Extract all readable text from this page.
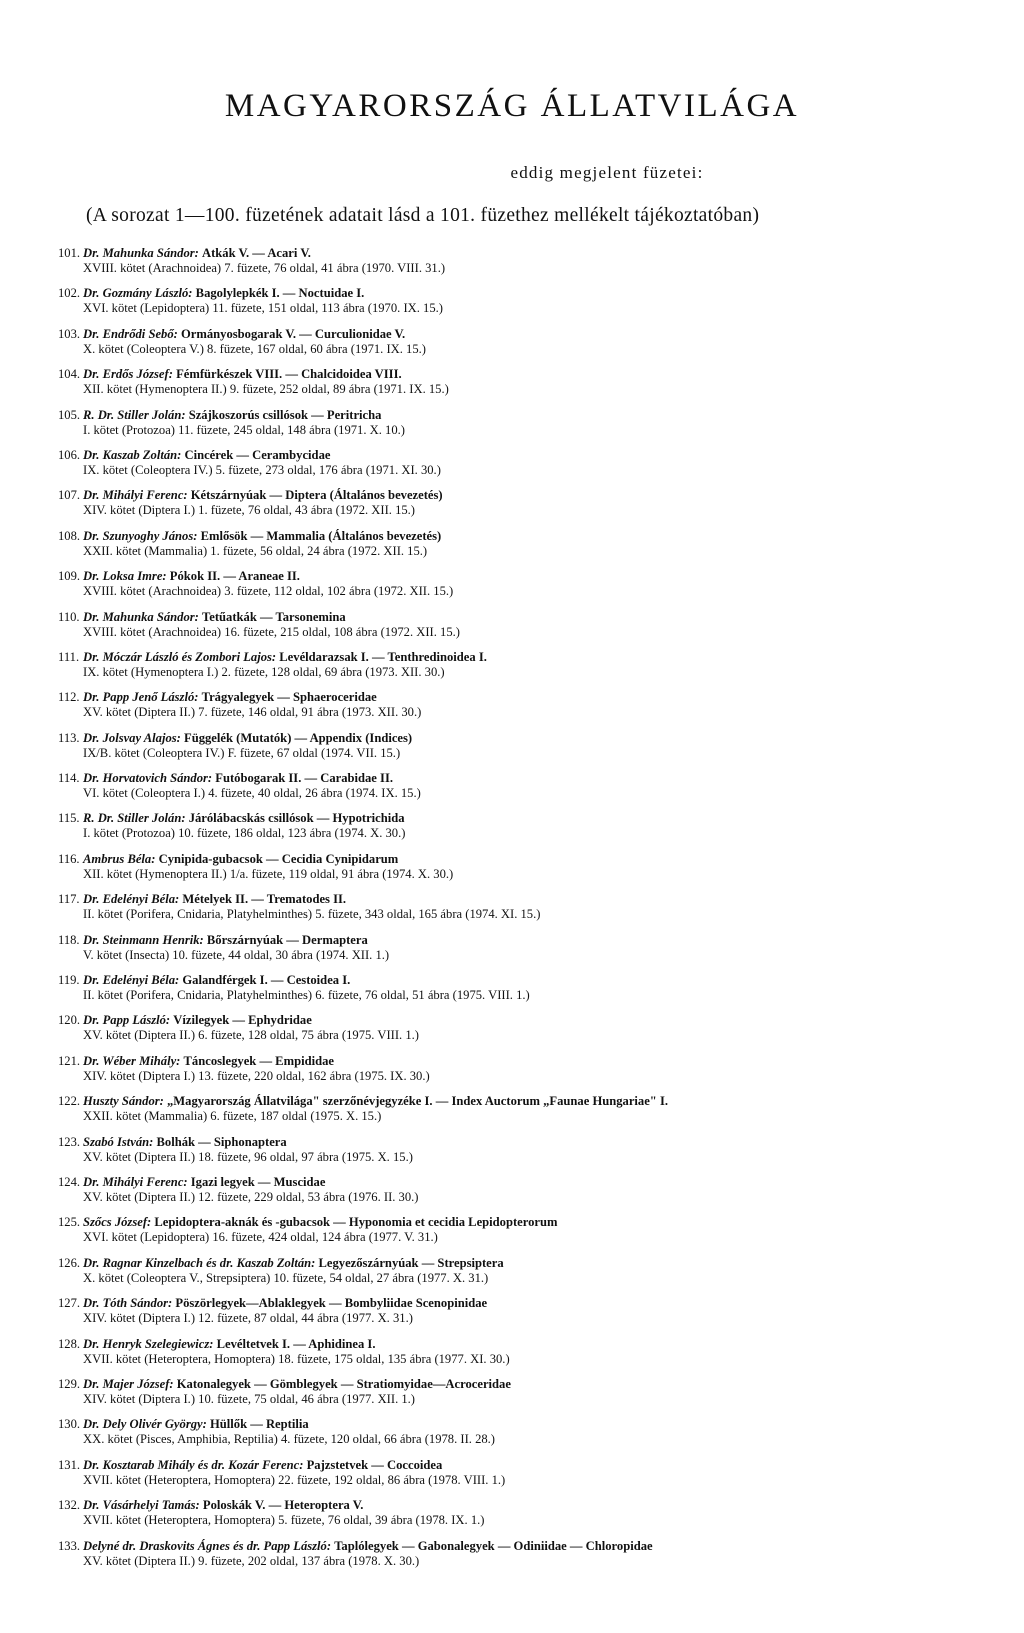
MAGYARORSZÁG ÁLLATVILÁGA
eddig megjelent füzetei:
(A sorozat 1—100. füzetének adatait lásd a 101. füzethez mellékelt tájékoztatóban)
101. Dr. Mahunka Sándor: Atkák V. — Acari V.
XVIII. kötet (Arachnoidea) 7. füzete, 76 oldal, 41 ábra (1970. VIII. 31.)
102. Dr. Gozmány László: Bagolylepkék I. — Noctuidae I.
XVI. kötet (Lepidoptera) 11. füzete, 151 oldal, 113 ábra (1970. IX. 15.)
103. Dr. Endrődi Sebő: Ormányosbogarak V. — Curculionidae V.
X. kötet (Coleoptera V.) 8. füzete, 167 oldal, 60 ábra (1971. IX. 15.)
104. Dr. Erdős József: Fémfürkészek VIII. — Chalcidoidea VIII.
XII. kötet (Hymenoptera II.) 9. füzete, 252 oldal, 89 ábra (1971. IX. 15.)
105. R. Dr. Stiller Jolán: Szájkoszorús csillósok — Peritricha
I. kötet (Protozoa) 11. füzete, 245 oldal, 148 ábra (1971. X. 10.)
106. Dr. Kaszab Zoltán: Cincérek — Cerambycidae
IX. kötet (Coleoptera IV.) 5. füzete, 273 oldal, 176 ábra (1971. XI. 30.)
107. Dr. Mihályi Ferenc: Kétszárnyúak — Diptera (Általános bevezetés)
XIV. kötet (Diptera I.) 1. füzete, 76 oldal, 43 ábra (1972. XII. 15.)
108. Dr. Szunyoghy János: Emlősök — Mammalia (Általános bevezetés)
XXII. kötet (Mammalia) 1. füzete, 56 oldal, 24 ábra (1972. XII. 15.)
109. Dr. Loksa Imre: Pókok II. — Araneae II.
XVIII. kötet (Arachnoidea) 3. füzete, 112 oldal, 102 ábra (1972. XII. 15.)
110. Dr. Mahunka Sándor: Tetűatkák — Tarsonemina
XVIII. kötet (Arachnoidea) 16. füzete, 215 oldal, 108 ábra (1972. XII. 15.)
111. Dr. Móczár László és Zombori Lajos: Levéldarazsak I. — Tenthredinoidea I.
IX. kötet (Hymenoptera I.) 2. füzete, 128 oldal, 69 ábra (1973. XII. 30.)
112. Dr. Papp Jenő László: Trágyalegyek — Sphaeroceridae
XV. kötet (Diptera II.) 7. füzete, 146 oldal, 91 ábra (1973. XII. 30.)
113. Dr. Jolsvay Alajos: Függelék (Mutatók) — Appendix (Indices)
IX/B. kötet (Coleoptera IV.) F. füzete, 67 oldal (1974. VII. 15.)
114. Dr. Horvatovich Sándor: Futóbogarak II. — Carabidae II.
VI. kötet (Coleoptera I.) 4. füzete, 40 oldal, 26 ábra (1974. IX. 15.)
115. R. Dr. Stiller Jolán: Járólábacskás csillósok — Hypotrichida
I. kötet (Protozoa) 10. füzete, 186 oldal, 123 ábra (1974. X. 30.)
116. Ambrus Béla: Cynipida-gubacsok — Cecidia Cynipidarum
XII. kötet (Hymenoptera II.) 1/a. füzete, 119 oldal, 91 ábra (1974. X. 30.)
117. Dr. Edelényi Béla: Mételyek II. — Trematodes II.
II. kötet (Porifera, Cnidaria, Platyhelminthes) 5. füzete, 343 oldal, 165 ábra (1974. XI. 15.)
118. Dr. Steinmann Henrik: Bőrszárnyúak — Dermaptera
V. kötet (Insecta) 10. füzete, 44 oldal, 30 ábra (1974. XII. 1.)
119. Dr. Edelényi Béla: Galandférgek I. — Cestoidea I.
II. kötet (Porifera, Cnidaria, Platyhelminthes) 6. füzete, 76 oldal, 51 ábra (1975. VIII. 1.)
120. Dr. Papp László: Vízilegyek — Ephydridae
XV. kötet (Diptera II.) 6. füzete, 128 oldal, 75 ábra (1975. VIII. 1.)
121. Dr. Wéber Mihály: Táncoslegyek — Empididae
XIV. kötet (Diptera I.) 13. füzete, 220 oldal, 162 ábra (1975. IX. 30.)
122. Huszty Sándor: „Magyarország Állatvilága" szerzőnévjegyzéke I. — Index Auctorum „Faunae Hungariae" I.
XXII. kötet (Mammalia) 6. füzete, 187 oldal (1975. X. 15.)
123. Szabó István: Bolhák — Siphonaptera
XV. kötet (Diptera II.) 18. füzete, 96 oldal, 97 ábra (1975. X. 15.)
124. Dr. Mihályi Ferenc: Igazi legyek — Muscidae
XV. kötet (Diptera II.) 12. füzete, 229 oldal, 53 ábra (1976. II. 30.)
125. Szőcs József: Lepidoptera-aknák és -gubacsok — Hyponomia et cecidia Lepidopterorum
XVI. kötet (Lepidoptera) 16. füzete, 424 oldal, 124 ábra (1977. V. 31.)
126. Dr. Ragnar Kinzelbach és dr. Kaszab Zoltán: Legyezőszárnyúak — Strepsiptera
X. kötet (Coleoptera V., Strepsiptera) 10. füzete, 54 oldal, 27 ábra (1977. X. 31.)
127. Dr. Tóth Sándor: Pöszörlegyek—Ablaklegyek — Bombyliidae Scenopinidae
XIV. kötet (Diptera I.) 12. füzete, 87 oldal, 44 ábra (1977. X. 31.)
128. Dr. Henryk Szelegiewicz: Levéltetvek I. — Aphidinea I.
XVII. kötet (Heteroptera, Homoptera) 18. füzete, 175 oldal, 135 ábra (1977. XI. 30.)
129. Dr. Majer József: Katonalegyek — Gömblegyek — Stratiomyidae—Acroceridae
XIV. kötet (Diptera I.) 10. füzete, 75 oldal, 46 ábra (1977. XII. 1.)
130. Dr. Dely Olivér György: Hüllők — Reptilia
XX. kötet (Pisces, Amphibia, Reptilia) 4. füzete, 120 oldal, 66 ábra (1978. II. 28.)
131. Dr. Kosztarab Mihály és dr. Kozár Ferenc: Pajzstetvek — Coccoidea
XVII. kötet (Heteroptera, Homoptera) 22. füzete, 192 oldal, 86 ábra (1978. VIII. 1.)
132. Dr. Vásárhelyi Tamás: Poloskák V. — Heteroptera V.
XVII. kötet (Heteroptera, Homoptera) 5. füzete, 76 oldal, 39 ábra (1978. IX. 1.)
133. Delyné dr. Draskovits Ágnes és dr. Papp László: Taplólegyek — Gabonalegyek — Odiniidae — Chloropidae
XV. kötet (Diptera II.) 9. füzete, 202 oldal, 137 ábra (1978. X. 30.)
